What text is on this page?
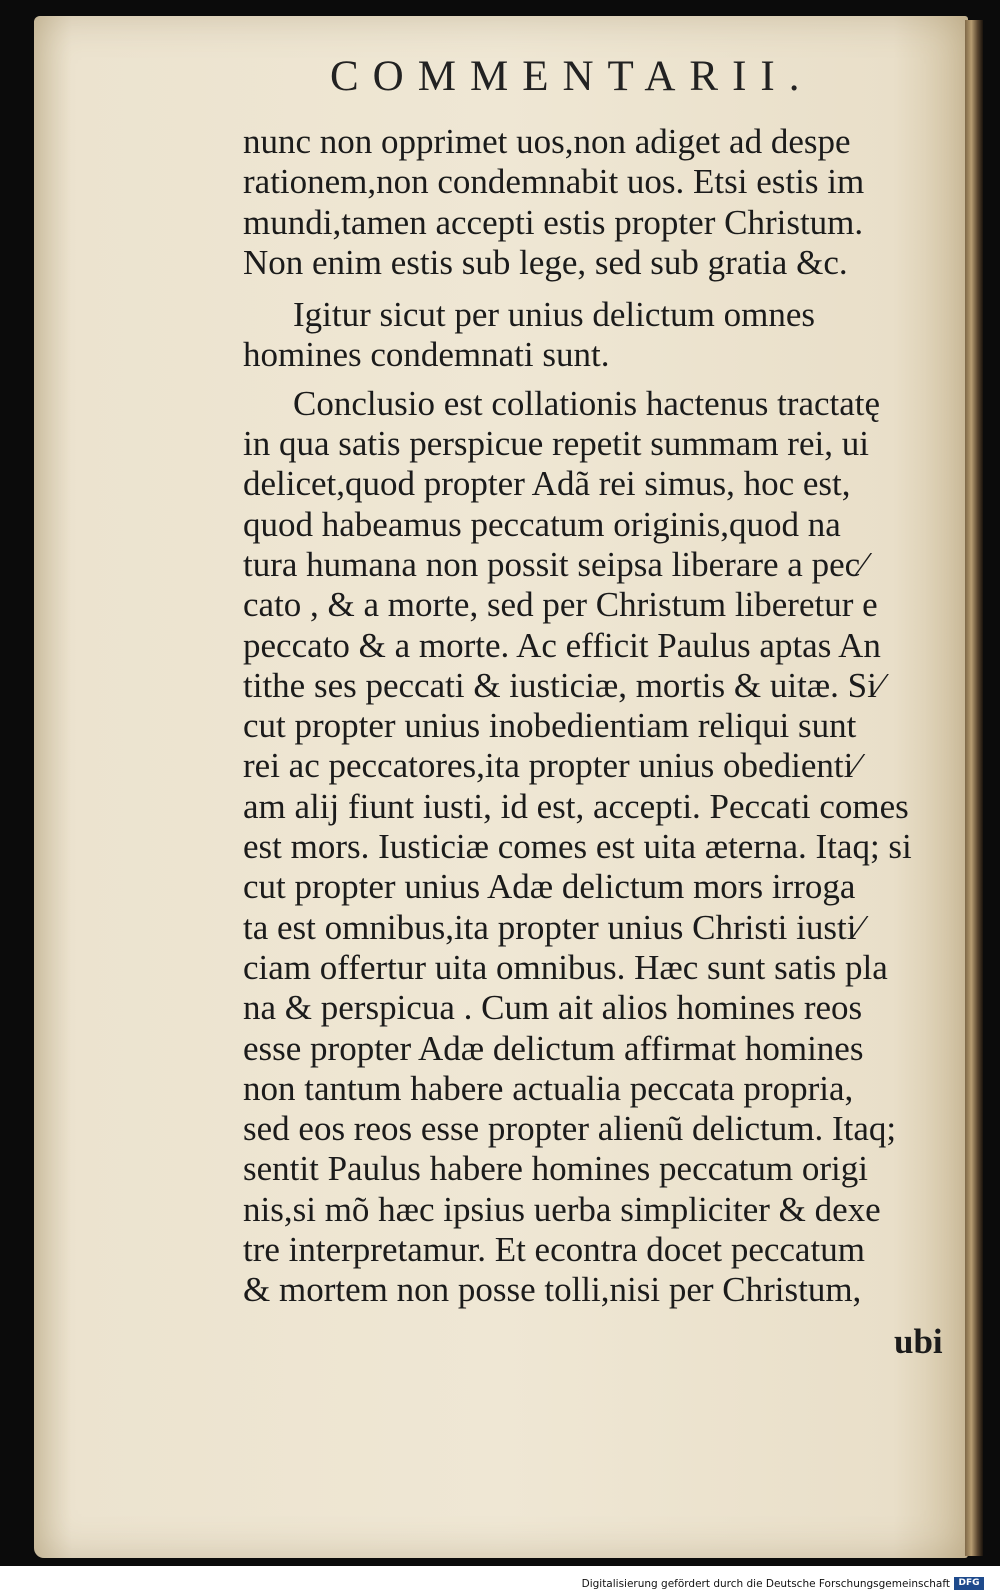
COMMENTARII.
nunc non opprimet uos,non adiget ad despe
rationem,non condemnabit uos. Etsi estis im
mundi,tamen accepti estis propter Christum.
Non enim estis sub lege, sed sub gratia &c.
Igitur sicut per unius delictum omnes
homines condemnati sunt.
Conclusio est collationis hactenus tractatę
in qua satis perspicue repetit summam rei, ui
delicet,quod propter Adã rei simus, hoc est,
quod habeamus peccatum originis,quod na
tura humana non possit seipsa liberare a pec⁄
cato , & a morte, sed per Christum liberetur e
peccato & a morte. Ac efficit Paulus aptas An
tithe ses peccati & iusticiæ, mortis & uitæ. Si⁄
cut propter unius inobedientiam reliqui sunt
rei ac peccatores,ita propter unius obedienti⁄
am alij fiunt iusti, id est, accepti. Peccati comes
est mors. Iusticiæ comes est uita æterna. Itaq; si
cut propter unius Adæ delictum mors irroga
ta est omnibus,ita propter unius Christi iusti⁄
ciam offertur uita omnibus. Hæc sunt satis pla
na & perspicua . Cum ait alios homines reos
esse propter Adæ delictum affirmat homines
non tantum habere actualia peccata propria,
sed eos reos esse propter alienũ delictum. Itaq;
sentit Paulus habere homines peccatum origi
nis,si mõ hæc ipsius uerba simpliciter & dexe
tre interpretamur. Et econtra docet peccatum
& mortem non posse tolli,nisi per Christum,
ubi
Digitalisierung gefördert durch die Deutsche Forschungsgemeinschaft DFG
